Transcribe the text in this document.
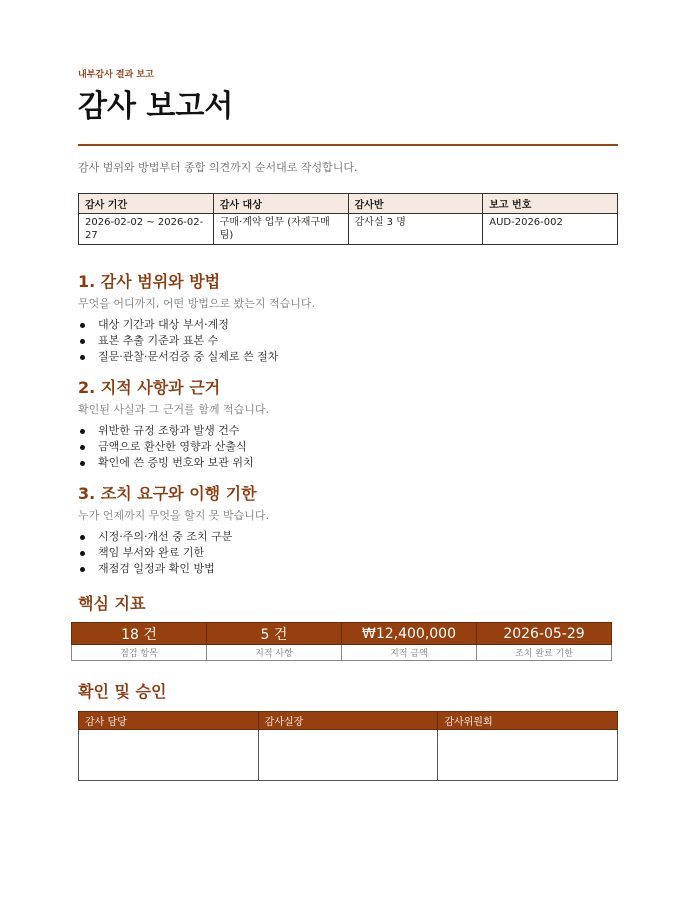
내부감사 결과 보고
감사 보고서
감사 범위와 방법부터 종합 의견까지 순서대로 작성합니다.
감사 기간	감사 대상	감사반	보고 번호
2026-02-02 ~ 2026-02-27	구매·계약 업무 (자재구매팀)	감사실 3 명	AUD-2026-002
1. 감사 범위와 방법
무엇을 어디까지, 어떤 방법으로 봤는지 적습니다.
대상 기간과 대상 부서·계정
표본 추출 기준과 표본 수
질문·관찰·문서검증 중 실제로 쓴 절차
2. 지적 사항과 근거
확인된 사실과 그 근거를 함께 적습니다.
위반한 규정 조항과 발생 건수
금액으로 환산한 영향과 산출식
확인에 쓴 증빙 번호와 보관 위치
3. 조치 요구와 이행 기한
누가 언제까지 무엇을 할지 못 박습니다.
시정·주의·개선 중 조치 구분
책임 부서와 완료 기한
재점검 일정과 확인 방법
핵심 지표
18 건	5 건	₩12,400,000	2026-05-29
점검 항목	지적 사항	지적 금액	조치 완료 기한
확인 및 승인
감사 담당	감사실장	감사위원회
